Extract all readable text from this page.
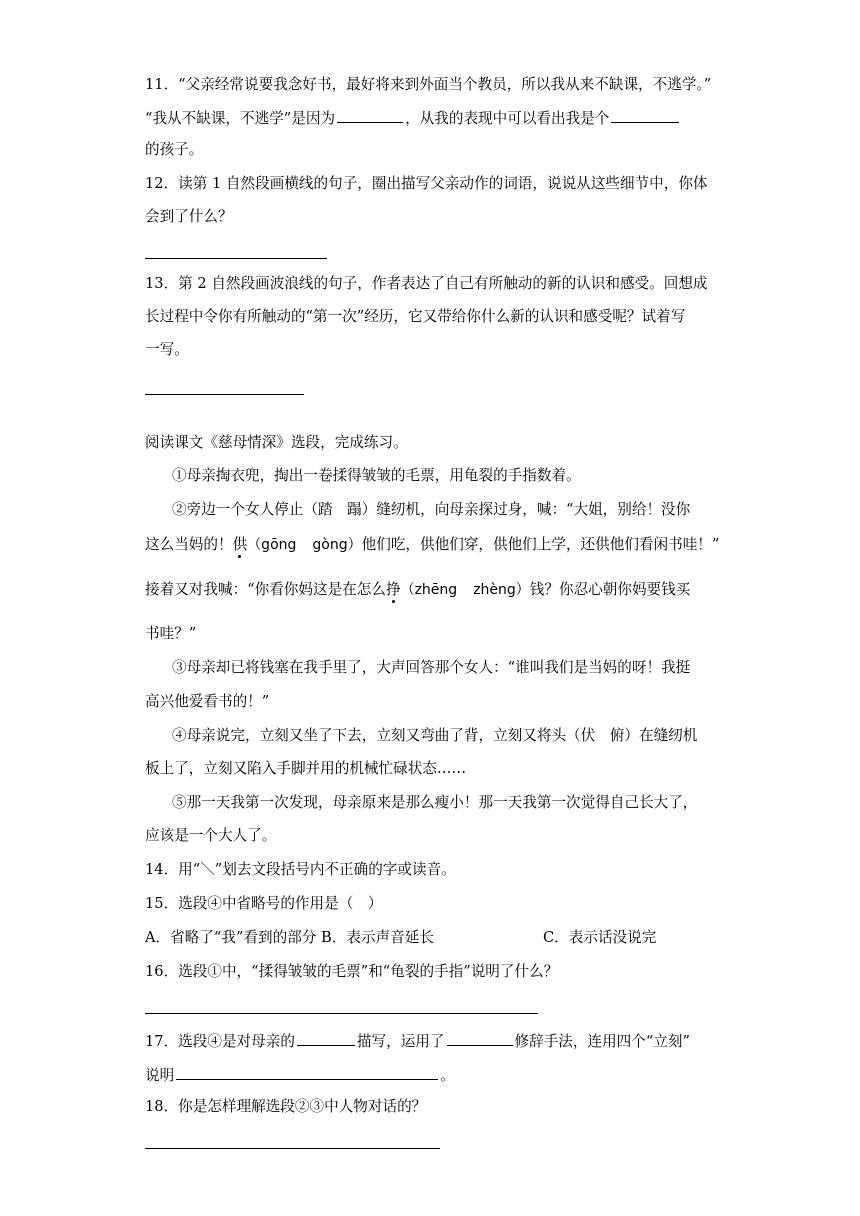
11．“父亲经常说要我念好书，最好将来到外面当个教员，所以我从来不缺课，不逃学。”
“我从不缺课，不逃学”是因为	，从我的表现中可以看出我是个
的孩子。
12．读第 1 自然段画横线的句子，圈出描写父亲动作的词语，说说从这些细节中，你体
会到了什么？
13．第 2 自然段画波浪线的句子，作者表达了自己有所触动的新的认识和感受。回想成
长过程中令你有所触动的“第一次”经历，它又带给你什么新的认识和感受呢？试着写
一写。
阅读课文《慈母情深》选段，完成练习。
①母亲掏衣兜，掏出一卷揉得皱皱的毛票，用龟裂的手指数着。
②旁边一个女人停止（踏　蹋）缝纫机，向母亲探过身，喊：“大姐，别给！没你
这么当妈的！供（gōng gòng）他们吃，供他们穿，供他们上学，还供他们看闲书哇！”
接着又对我喊：“你看你妈这是在怎么挣（zhēng zhèng）钱？你忍心朝你妈要钱买
书哇？”
③母亲却已将钱塞在我手里了，大声回答那个女人：“谁叫我们是当妈的呀！我挺
高兴他爱看书的！”
④母亲说完，立刻又坐了下去，立刻又弯曲了背，立刻又将头（伏　俯）在缝纫机
板上了，立刻又陷入手脚并用的机械忙碌状态……
⑤那一天我第一次发现，母亲原来是那么瘦小！那一天我第一次觉得自己长大了，
应该是一个大人了。
14．用“＼”划去文段括号内不正确的字或读音。
15．选段④中省略号的作用是（　）
A．省略了“我”看到的部分 B．表示声音延长	C．表示话没说完
16．选段①中，“揉得皱皱的毛票”和“龟裂的手指”说明了什么？
17．选段④是对母亲的	描写，运用了	修辞手法，连用四个“立刻”
说明	。
18．你是怎样理解选段②③中人物对话的？
